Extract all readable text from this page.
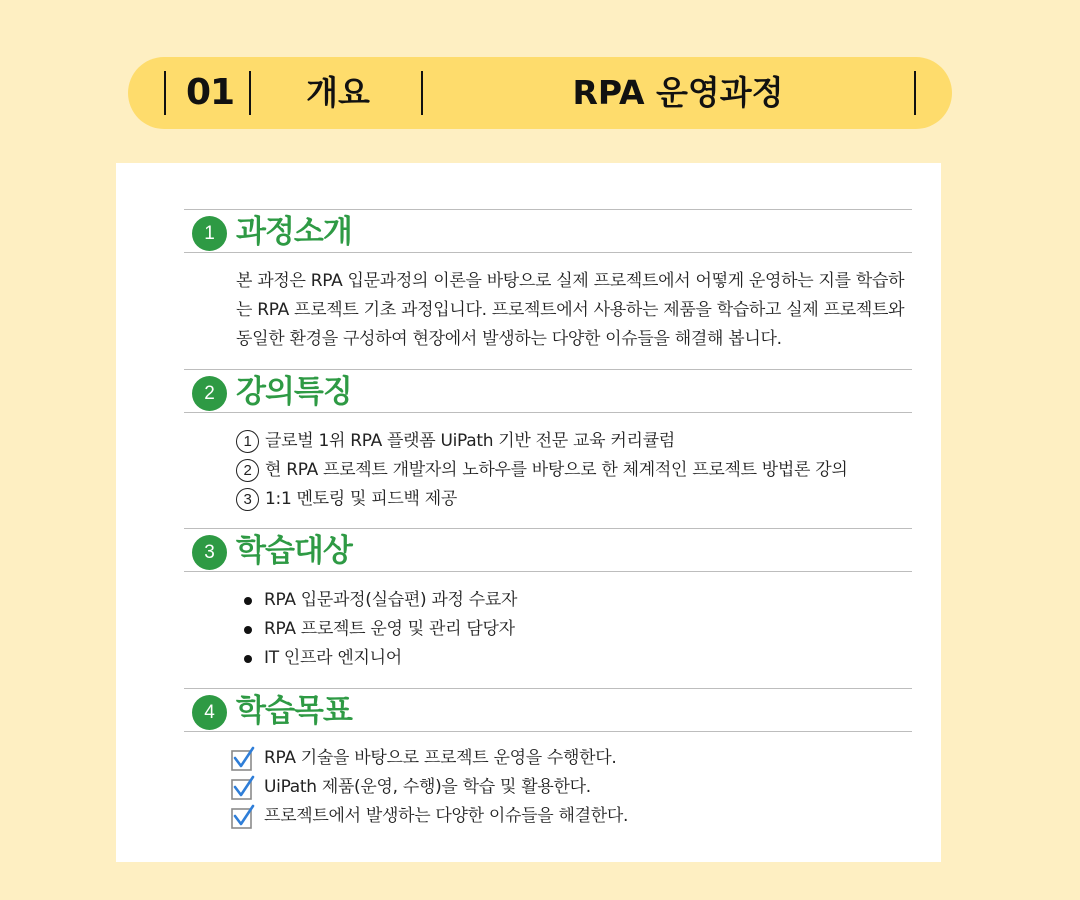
01	개요	RPA 운영과정
1 과정소개
본 과정은 RPA 입문과정의 이론을 바탕으로 실제 프로젝트에서 어떻게 운영하는 지를 학습하는 RPA 프로젝트 기초 과정입니다. 프로젝트에서 사용하는 제품을 학습하고 실제 프로젝트와 동일한 환경을 구성하여 현장에서 발생하는 다양한 이슈들을 해결해 봅니다.
2 강의특징
1 글로벌 1위 RPA 플랫폼 UiPath 기반 전문 교육 커리큘럼
2 현 RPA 프로젝트 개발자의 노하우를 바탕으로 한 체계적인 프로젝트 방법론 강의
3 1:1 멘토링 및 피드백 제공
3 학습대상
RPA 입문과정(실습편) 과정 수료자
RPA 프로젝트 운영 및 관리 담당자
IT 인프라 엔지니어
4 학습목표
RPA 기술을 바탕으로 프로젝트 운영을 수행한다.
UiPath 제품(운영, 수행)을 학습 및 활용한다.
프로젝트에서 발생하는 다양한 이슈들을 해결한다.
